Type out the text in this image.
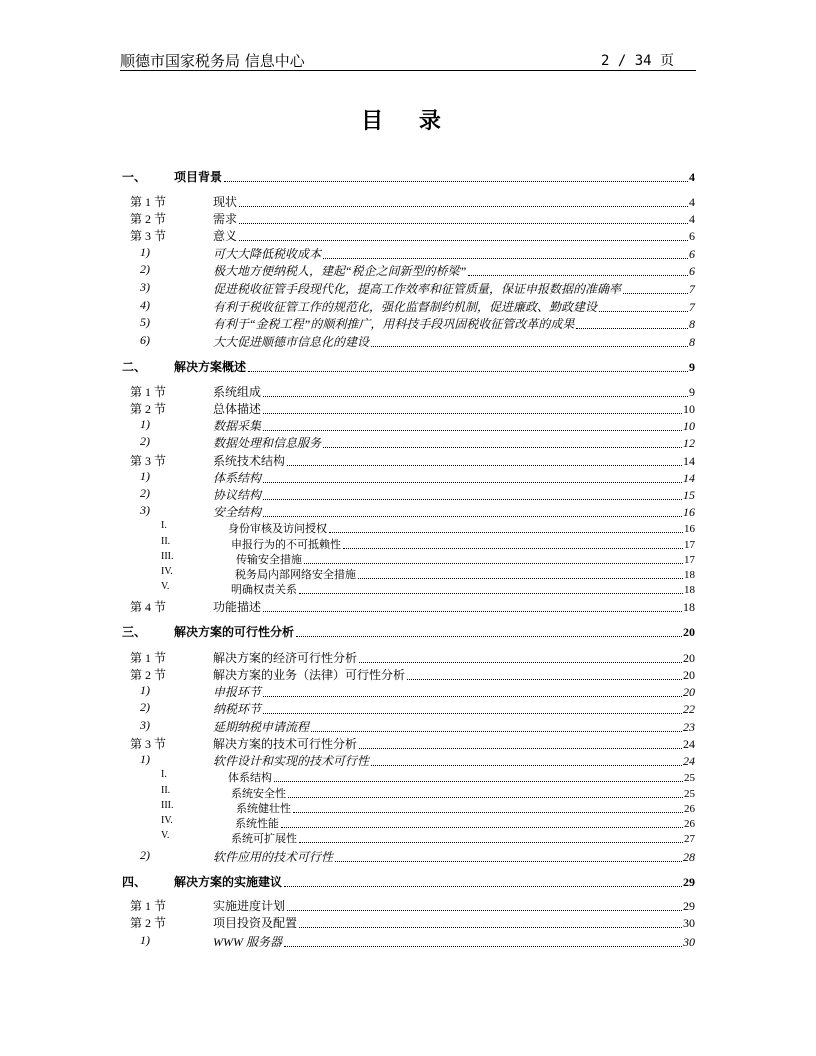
顺德市国家税务局 信息中心	2 / 34 页
目 录
一、 项目背景	4
第 1 节	现状	4
第 2 节	需求	4
第 3 节	意义	6
1)	可大大降低税收成本	6
2)	极大地方便纳税人，建起“税企之间新型的桥梁”	6
3)	促进税收征管手段现代化，提高工作效率和征管质量，保证申报数据的准确率	7
4)	有利于税收征管工作的规范化，强化监督制约机制，促进廉政、勤政建设	7
5)	有利于“金税工程”的顺利推广，用科技手段巩固税收征管改革的成果	8
6)	大大促进顺德市信息化的建设	8
二、 解决方案概述	9
第 1 节	系统组成	9
第 2 节	总体描述	10
1)	数据采集	10
2)	数据处理和信息服务	12
第 3 节	系统技术结构	14
1)	体系结构	14
2)	协议结构	15
3)	安全结构	16
I.	身份审核及访问授权	16
II.	申报行为的不可抵赖性	17
III.	传输安全措施	17
IV.	税务局内部网络安全措施	18
V.	明确权责关系	18
第 4 节	功能描述	18
三、 解决方案的可行性分析	20
第 1 节	解决方案的经济可行性分析	20
第 2 节	解决方案的业务（法律）可行性分析	20
1)	申报环节	20
2)	纳税环节	22
3)	延期纳税申请流程	23
第 3 节	解决方案的技术可行性分析	24
1)	软件设计和实现的技术可行性	24
I.	体系结构	25
II.	系统安全性	25
III.	系统健壮性	26
IV.	系统性能	26
V.	系统可扩展性	27
2)	软件应用的技术可行性	28
四、 解决方案的实施建议	29
第 1 节	实施进度计划	29
第 2 节	项目投资及配置	30
1)	WWW 服务器	30
